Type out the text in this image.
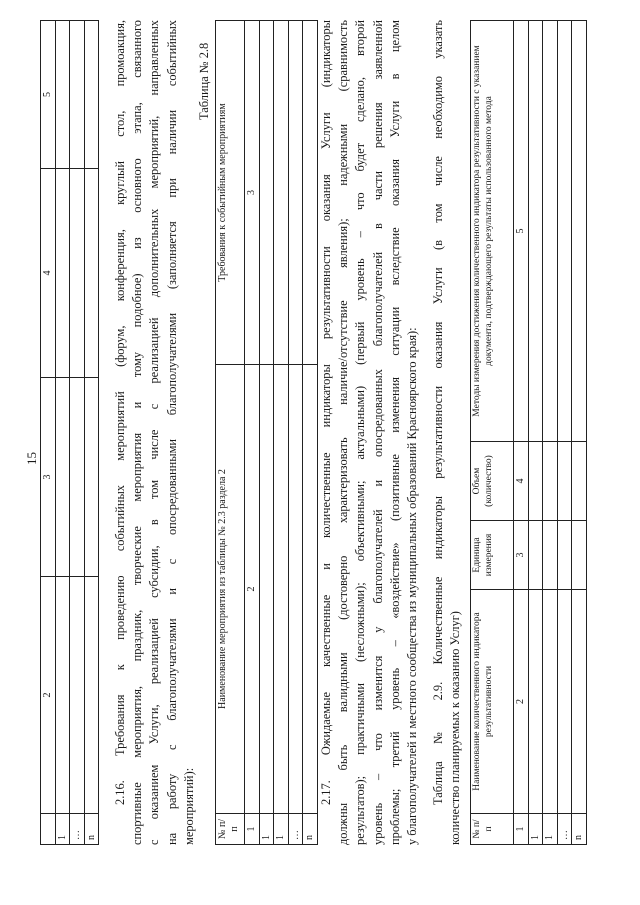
15
	2	3	4	5
1				
…				
n				
2.16. Требования к проведению событийных мероприятий (форум, конференция, круглый стол, промоакция, спортивные мероприятия, праздник, творческие мероприятия и тому подобное) из основного этапа, связанного с оказанием Услуги, реализацией субсидии, в том числе с реализацией дополнительных мероприятий, направленных на работу с благополучателями и с опосредованными благополучателями (заполняется при наличии событийных мероприятий):
Таблица № 2.8
№ п/п	Наименование мероприятия из таблицы № 2.3 раздела 2	Требования к событийным мероприятиям
1	2	3
1		
1		
…		
n		
2.17. Ожидаемые качественные и количественные индикаторы результативности оказания Услуги (индикаторы должны быть валидными (достоверно характеризовать наличие/отсутствие явления); надежными (сравнимость результатов); практичными (несложными); объективными; актуальными) (первый уровень – что будет сделано, второй уровень – что изменится у благополучателей и опосредованных благополучателей в части решения заявленной проблемы; третий уровень – «воздействие» (позитивные изменения ситуации вследствие оказания Услуги в целом у благополучателей и местного сообщества из муниципальных образований Красноярского края): Таблица № 2.9. Количественные индикаторы результативности оказания Услуги (в том числе необходимо указать количество планируемых к оказанию Услуг) № п/п	Наименование количественного индикатора результативности	Единица измерения	Объем (количество)	Методы измерения достижения количественного индикатора результативности с указанием документа, подтверждающего результаты использованного метода
1	2	3	4	5
1				
1				
…				
n				
